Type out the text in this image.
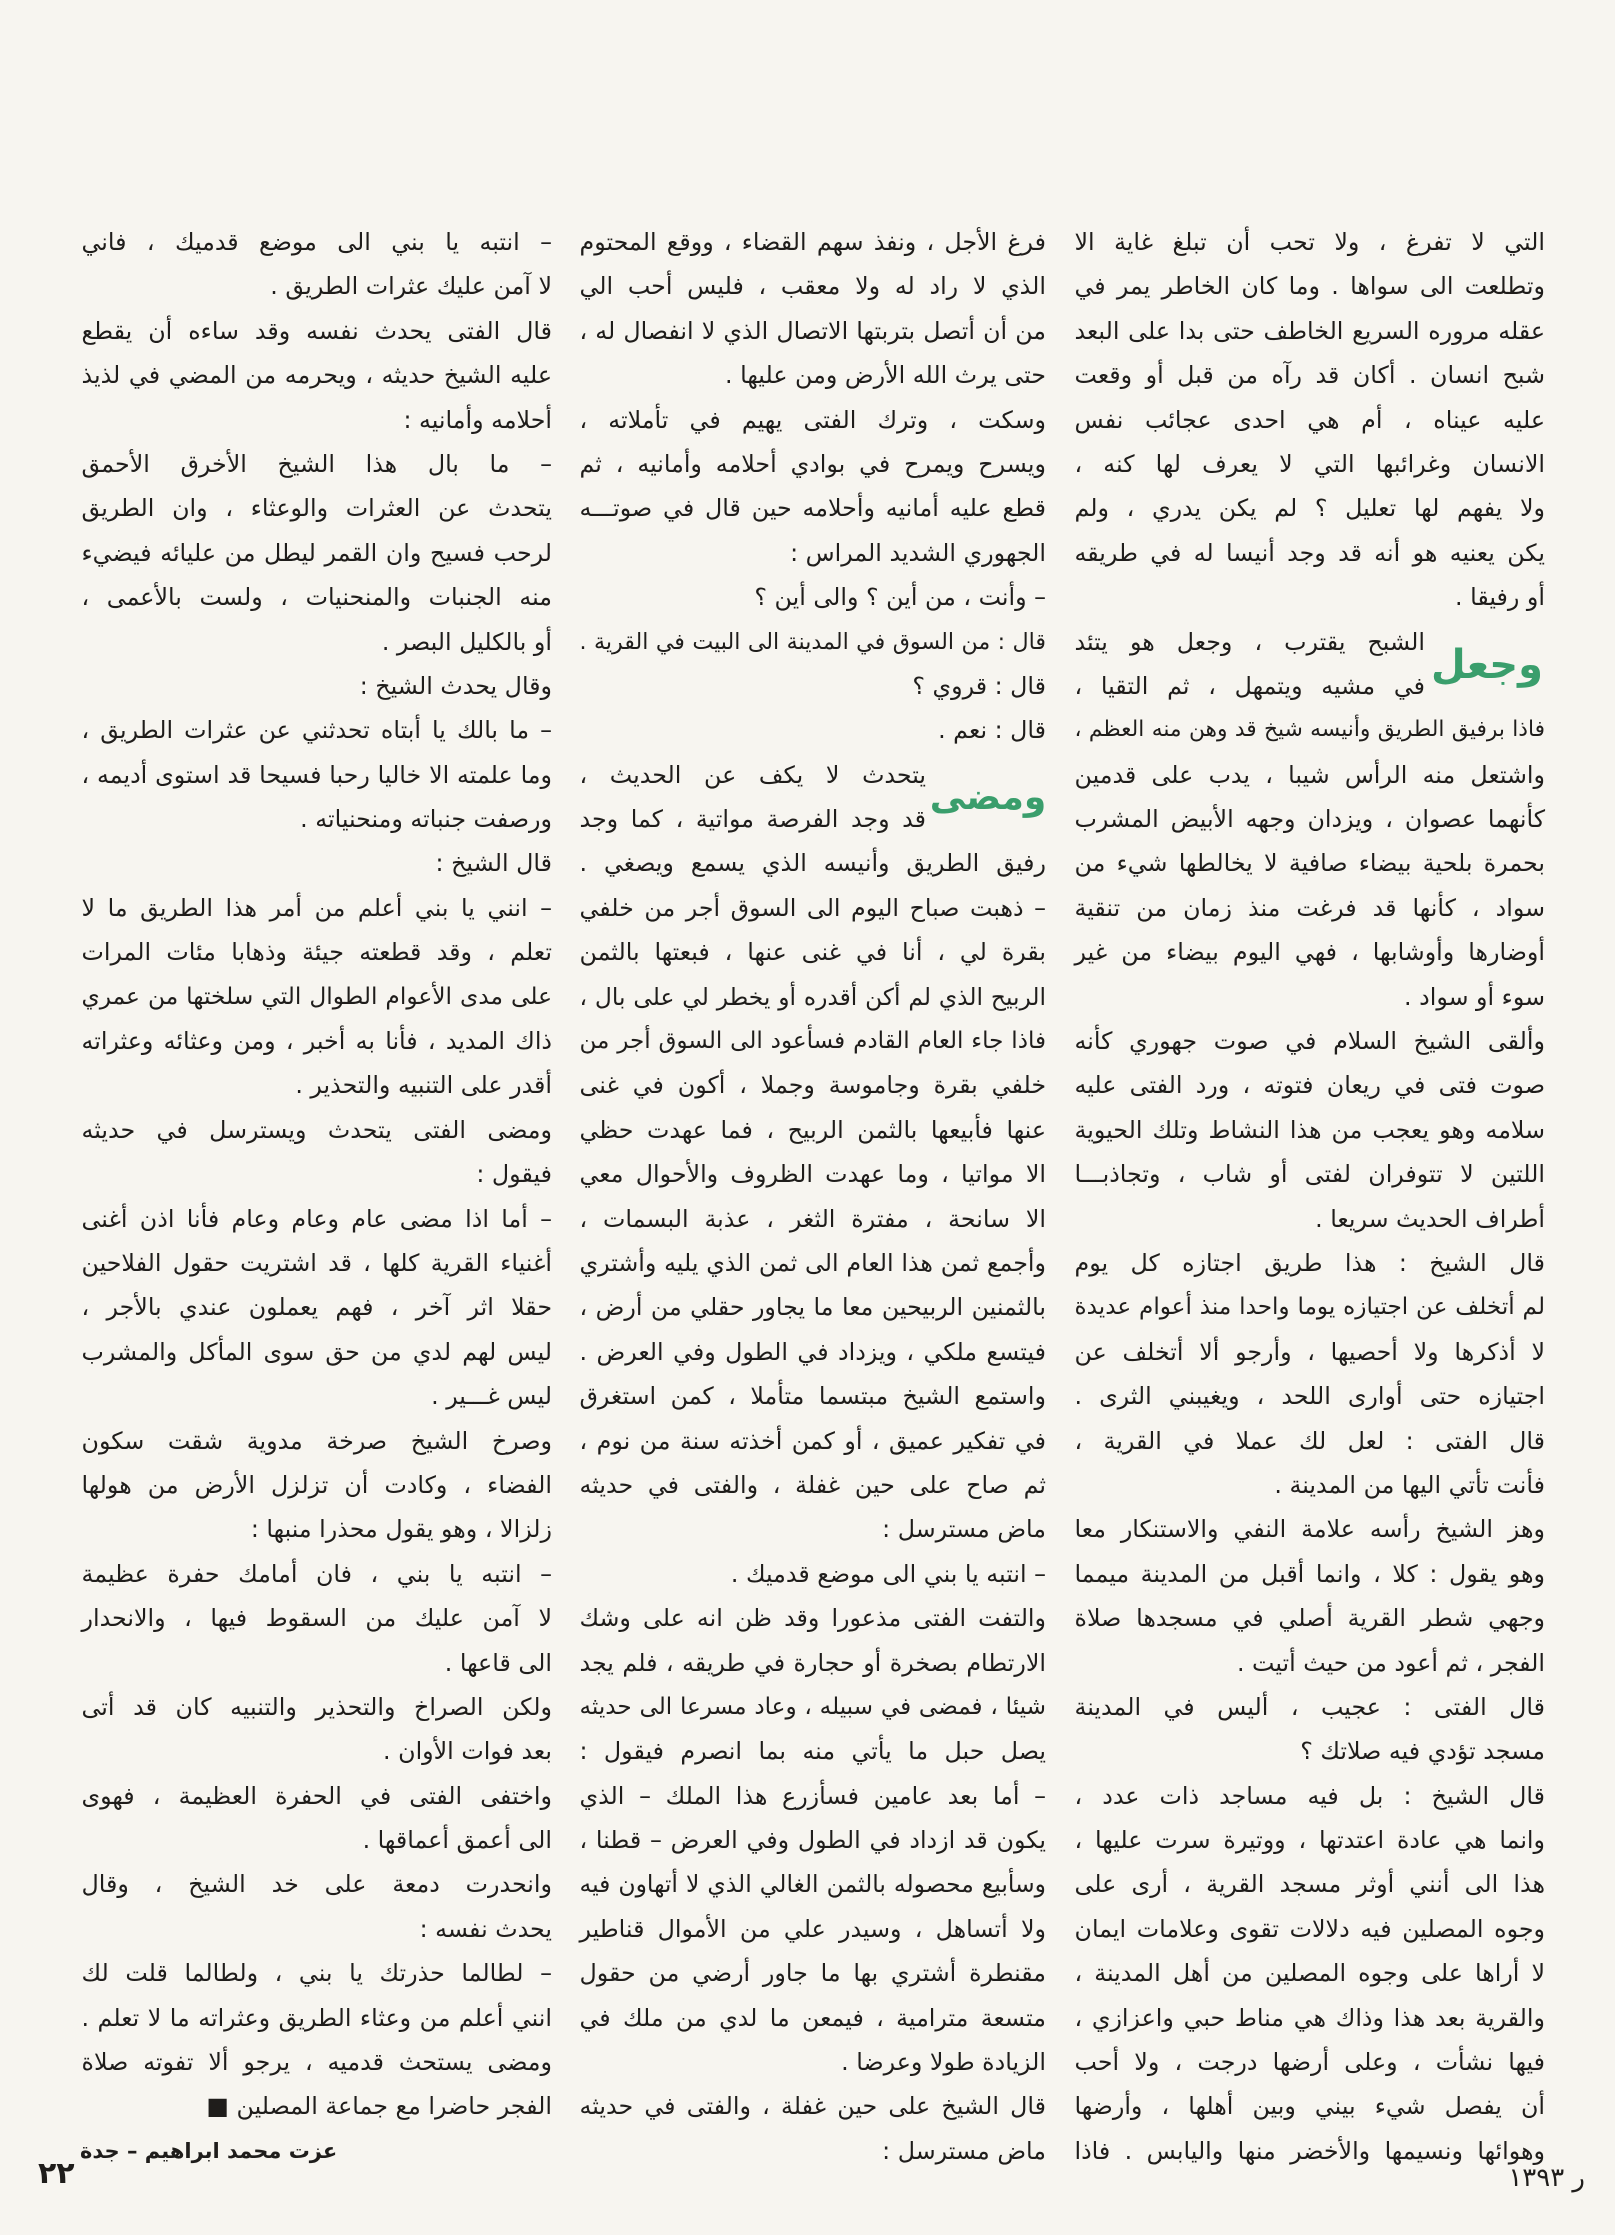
التي لا تفرغ ، ولا تحب أن تبلغ غاية الا
وتطلعت الى سواها . وما كان الخاطر يمر في
عقله مروره السريع الخاطف حتى بدا على البعد
شبح انسان . أكان قد رآه من قبل أو وقعت
عليه عيناه ، أم هي احدى عجائب نفس
الانسان وغرائبها التي لا يعرف لها كنه ،
ولا يفهم لها تعليل ؟ لم يكن يدري ، ولم
يكن يعنيه هو أنه قد وجد أنيسا له في طريقه
أو رفيقا .
وجعل
الشبح يقترب ، وجعل هو يتئد
في مشيه ويتمهل ، ثم التقيا ،
فاذا برفيق الطريق وأنيسه شيخ قد وهن منه العظم ،
واشتعل منه الرأس شيبا ، يدب على قدمين
كأنهما عصوان ، ويزدان وجهه الأبيض المشرب
بحمرة بلحية بيضاء صافية لا يخالطها شيء من
سواد ، كأنها قد فرغت منذ زمان من تنقية
أوضارها وأوشابها ، فهي اليوم بيضاء من غير
سوء أو سواد .
وألقى الشيخ السلام في صوت جهوري كأنه
صوت فتى في ريعان فتوته ، ورد الفتى عليه
سلامه وهو يعجب من هذا النشاط وتلك الحيوية
اللتين لا تتوفران لفتى أو شاب ، وتجاذبـــا
أطراف الحديث سريعا .
قال الشيخ : هذا طريق اجتازه كل يوم
لم أتخلف عن اجتيازه يوما واحدا منذ أعوام عديدة
لا أذكرها ولا أحصيها ، وأرجو ألا أتخلف عن
اجتيازه حتى أوارى اللحد ، ويغيبني الثرى .
قال الفتى : لعل لك عملا في القرية ،
فأنت تأتي اليها من المدينة .
وهز الشيخ رأسه علامة النفي والاستنكار معا
وهو يقول : كلا ، وانما أقبل من المدينة ميمما
وجهي شطر القرية أصلي في مسجدها صلاة
الفجر ، ثم أعود من حيث أتيت .
قال الفتى : عجيب ، أليس في المدينة
مسجد تؤدي فيه صلاتك ؟
قال الشيخ : بل فيه مساجد ذات عدد ،
وانما هي عادة اعتدتها ، ووتيرة سرت عليها ،
هذا الى أنني أوثر مسجد القرية ، أرى على
وجوه المصلين فيه دلالات تقوى وعلامات ايمان
لا أراها على وجوه المصلين من أهل المدينة ،
والقرية بعد هذا وذاك هي مناط حبي واعزازي ،
فيها نشأت ، وعلى أرضها درجت ، ولا أحب
أن يفصل شيء بيني وبين أهلها ، وأرضها
وهوائها ونسيمها والأخضر منها واليابس . فاذا
فرغ الأجل ، ونفذ سهم القضاء ، ووقع المحتوم
الذي لا راد له ولا معقب ، فليس أحب الي
من أن أتصل بتربتها الاتصال الذي لا انفصال له ،
حتى يرث الله الأرض ومن عليها .
وسكت ، وترك الفتى يهيم في تأملاته ،
ويسرح ويمرح في بوادي أحلامه وأمانيه ، ثم
قطع عليه أمانيه وأحلامه حين قال في صوتـــه
الجهوري الشديد المراس :
– وأنت ، من أين ؟ والى أين ؟
قال : من السوق في المدينة الى البيت في القرية .
قال : قروي ؟
قال : نعم .
ومضى
يتحدث لا يكف عن الحديث ،
قد وجد الفرصة مواتية ، كما وجد
رفيق الطريق وأنيسه الذي يسمع ويصغي .
– ذهبت صباح اليوم الى السوق أجر من خلفي
بقرة لي ، أنا في غنى عنها ، فبعتها بالثمن
الربيح الذي لم أكن أقدره أو يخطر لي على بال ،
فاذا جاء العام القادم فسأعود الى السوق أجر من
خلفي بقرة وجاموسة وجملا ، أكون في غنى
عنها فأبيعها بالثمن الربيح ، فما عهدت حظي
الا مواتيا ، وما عهدت الظروف والأحوال معي
الا سانحة ، مفترة الثغر ، عذبة البسمات ،
وأجمع ثمن هذا العام الى ثمن الذي يليه وأشتري
بالثمنين الربيحين معا ما يجاور حقلي من أرض ،
فيتسع ملكي ، ويزداد في الطول وفي العرض .
واستمع الشيخ مبتسما متأملا ، كمن استغرق
في تفكير عميق ، أو كمن أخذته سنة من نوم ،
ثم صاح على حين غفلة ، والفتى في حديثه
ماض مسترسل :
– انتبه يا بني الى موضع قدميك .
والتفت الفتى مذعورا وقد ظن انه على وشك
الارتطام بصخرة أو حجارة في طريقه ، فلم يجد
شيئا ، فمضى في سبيله ، وعاد مسرعا الى حديثه
يصل حبل ما يأتي منه بما انصرم فيقول :
– أما بعد عامين فسأزرع هذا الملك – الذي
يكون قد ازداد في الطول وفي العرض – قطنا ،
وسأبيع محصوله بالثمن الغالي الذي لا أتهاون فيه
ولا أتساهل ، وسيدر علي من الأموال قناطير
مقنطرة أشتري بها ما جاور أرضي من حقول
متسعة مترامية ، فيمعن ما لدي من ملك في
الزيادة طولا وعرضا .
قال الشيخ على حين غفلة ، والفتى في حديثه
ماض مسترسل :
– انتبه يا بني الى موضع قدميك ، فاني
لا آمن عليك عثرات الطريق .
قال الفتى يحدث نفسه وقد ساءه أن يقطع
عليه الشيخ حديثه ، ويحرمه من المضي في لذيذ
أحلامه وأمانيه :
– ما بال هذا الشيخ الأخرق الأحمق
يتحدث عن العثرات والوعثاء ، وان الطريق
لرحب فسيح وان القمر ليطل من عليائه فيضيء
منه الجنبات والمنحنيات ، ولست بالأعمى ،
أو بالكليل البصر .
وقال يحدث الشيخ :
– ما بالك يا أبتاه تحدثني عن عثرات الطريق ،
وما علمته الا خاليا رحبا فسيحا قد استوى أديمه ،
ورصفت جنباته ومنحنياته .
قال الشيخ :
– انني يا بني أعلم من أمر هذا الطريق ما لا
تعلم ، وقد قطعته جيئة وذهابا مئات المرات
على مدى الأعوام الطوال التي سلختها من عمري
ذاك المديد ، فأنا به أخبر ، ومن وعثائه وعثراته
أقدر على التنبيه والتحذير .
ومضى الفتى يتحدث ويسترسل في حديثه
فيقول :
– أما اذا مضى عام وعام وعام فأنا اذن أغنى
أغنياء القرية كلها ، قد اشتريت حقول الفلاحين
حقلا اثر آخر ، فهم يعملون عندي بالأجر ،
ليس لهم لدي من حق سوى المأكل والمشرب
ليس غـــير .
وصرخ الشيخ صرخة مدوية شقت سكون
الفضاء ، وكادت أن تزلزل الأرض من هولها
زلزالا ، وهو يقول محذرا منبها :
– انتبه يا بني ، فان أمامك حفرة عظيمة
لا آمن عليك من السقوط فيها ، والانحدار
الى قاعها .
ولكن الصراخ والتحذير والتنبيه كان قد أتى
بعد فوات الأوان .
واختفى الفتى في الحفرة العظيمة ، فهوى
الى أعمق أعماقها .
وانحدرت دمعة على خد الشيخ ، وقال
يحدث نفسه :
– لطالما حذرتك يا بني ، ولطالما قلت لك
انني أعلم من وعثاء الطريق وعثراته ما لا تعلم .
ومضى يستحث قدميه ، يرجو ألا تفوته صلاة
الفجر حاضرا مع جماعة المصلين ■
عزت محمد ابراهيم – جدة
٢٢	ر ١٣٩٣
